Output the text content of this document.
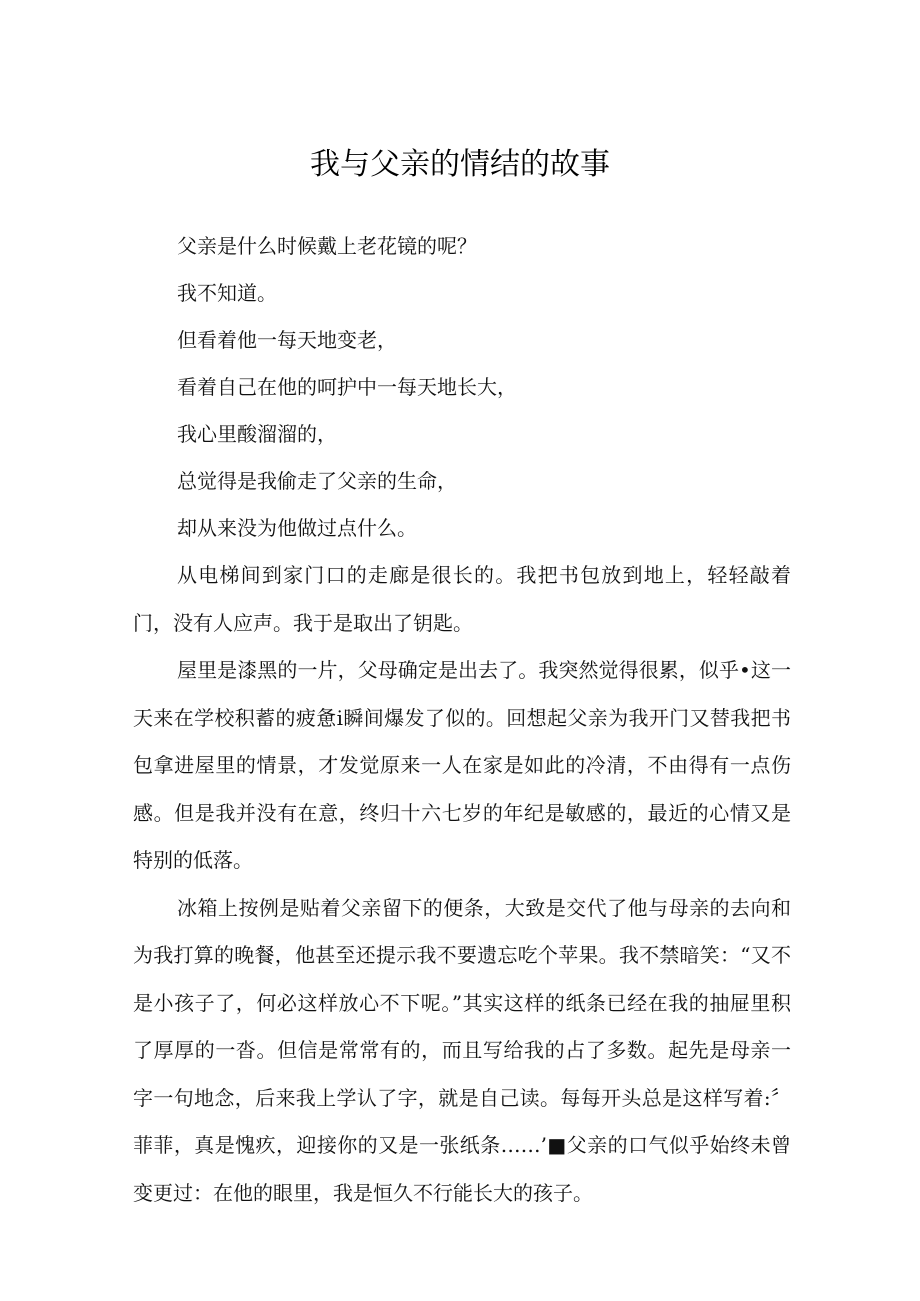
我与父亲的情结的故事

父亲是什么时候戴上老花镜的呢？

我不知道。

但看着他一每天地变老，

看着自己在他的呵护中一每天地长大，

我心里酸溜溜的，

总觉得是我偷走了父亲的生命，

却从来没为他做过点什么。

从电梯间到家门口的走廊是很长的。我把书包放到地上，轻轻敲着门，没有人应声。我于是取出了钥匙。

屋里是漆黑的一片，父母确定是出去了。我突然觉得很累，似乎•这一天来在学校积蓄的疲惫i瞬间爆发了似的。回想起父亲为我开门又替我把书包拿进屋里的情景，才发觉原来一人在家是如此的冷清，不由得有一点伤感。但是我并没有在意，终归十六七岁的年纪是敏感的，最近的心情又是特别的低落。

冰箱上按例是贴着父亲留下的便条，大致是交代了他与母亲的去向和为我打算的晚餐，他甚至还提示我不要遗忘吃个苹果。我不禁暗笑：“又不是小孩子了，何必这样放心不下呢。”其实这样的纸条已经在我的抽屉里积了厚厚的一沓。但信是常常有的，而且写给我的占了多数。起先是母亲一字一句地念，后来我上学认了字，就是自己读。每每开头总是这样写着:〞菲菲，真是愧疚，迎接你的又是一张纸条……’■父亲的口气似乎始终未曾变更过：在他的眼里，我是恒久不行能长大的孩子。
